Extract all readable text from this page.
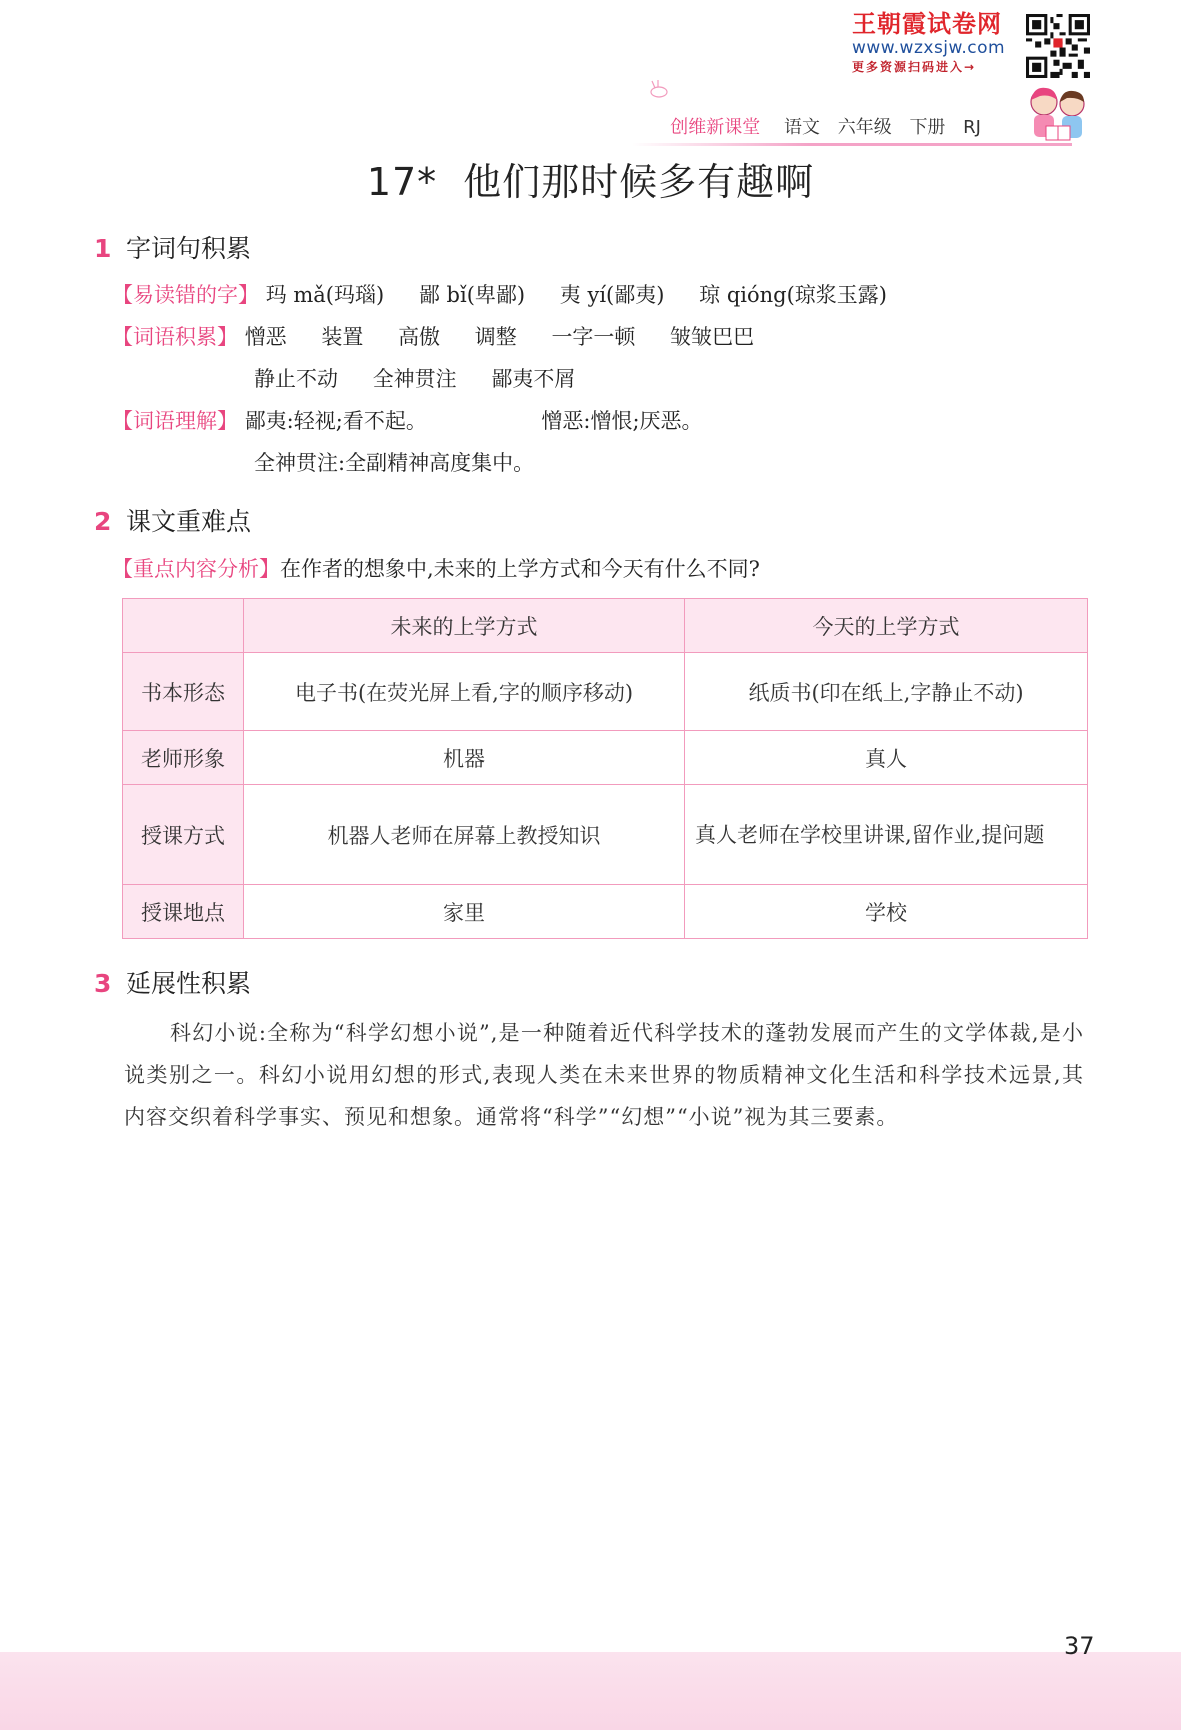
王朝霞试卷网
www.wzxsjw.com
更多资源扫码进入→
创维新课堂 语文 六年级 下册 RJ
17* 他们那时候多有趣啊
1 字词句积累
【易读错的字】 玛 mǎ(玛瑙) 鄙 bǐ(卑鄙) 夷 yí(鄙夷) 琼 qióng(琼浆玉露)
【词语积累】 憎恶 装置 高傲 调整 一字一顿 皱皱巴巴
静止不动 全神贯注 鄙夷不屑
【词语理解】 鄙夷:轻视;看不起。	憎恶:憎恨;厌恶。
全神贯注:全副精神高度集中。
2 课文重难点
【重点内容分析】在作者的想象中,未来的上学方式和今天有什么不同?
	未来的上学方式	今天的上学方式
书本形态	电子书(在荧光屏上看,字的顺序移动)	纸质书(印在纸上,字静止不动)
老师形象	机器	真人
授课方式	机器人老师在屏幕上教授知识	真人老师在学校里讲课,留作业,提问题
授课地点	家里	学校
3 延展性积累
科幻小说:全称为“科学幻想小说”,是一种随着近代科学技术的蓬勃发展而产生的文学体裁,是小说类别之一。科幻小说用幻想的形式,表现人类在未来世界的物质精神文化生活和科学技术远景,其内容交织着科学事实、预见和想象。通常将“科学”“幻想”“小说”视为其三要素。
37
